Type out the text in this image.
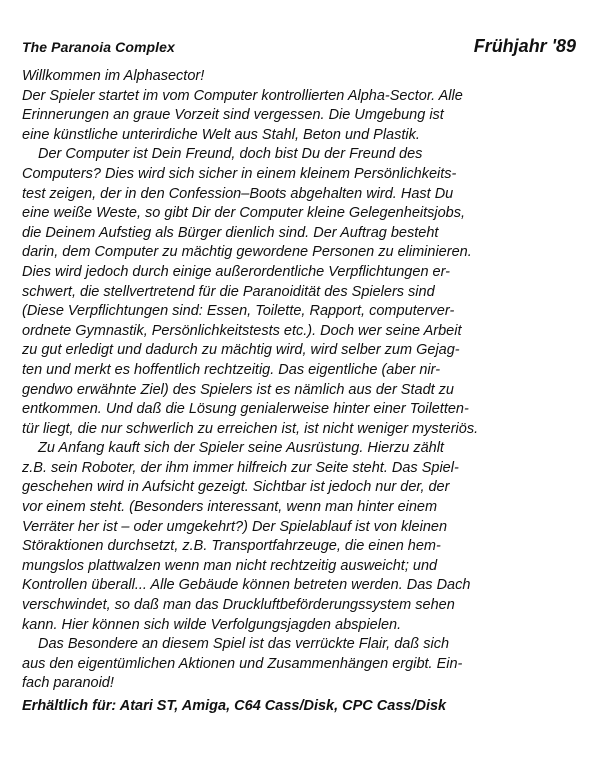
The Paranoia Complex	Frühjahr '89
Willkommen im Alphasector!
Der Spieler startet im vom Computer kontrollierten Alpha-Sector. Alle
Erinnerungen an graue Vorzeit sind vergessen. Die Umgebung ist
eine künstliche unterirdiche Welt aus Stahl, Beton und Plastik.
Der Computer ist Dein Freund, doch bist Du der Freund des
Computers? Dies wird sich sicher in einem kleinem Persönlichkeits-
test zeigen, der in den Confession–Boots abgehalten wird. Hast Du
eine weiße Weste, so gibt Dir der Computer kleine Gelegenheitsjobs,
die Deinem Aufstieg als Bürger dienlich sind. Der Auftrag besteht
darin, dem Computer zu mächtig gewordene Personen zu eliminieren.
Dies wird jedoch durch einige außerordentliche Verpflichtungen er-
schwert, die stellvertretend für die Paranoidität des Spielers sind
(Diese Verpflichtungen sind: Essen, Toilette, Rapport, computerver-
ordnete Gymnastik, Persönlichkeitstests etc.). Doch wer seine Arbeit
zu gut erledigt und dadurch zu mächtig wird, wird selber zum Gejag-
ten und merkt es hoffentlich rechtzeitig. Das eigentliche (aber nir-
gendwo erwähnte Ziel) des Spielers ist es nämlich aus der Stadt zu
entkommen. Und daß die Lösung genialerweise hinter einer Toiletten-
tür liegt, die nur schwerlich zu erreichen ist, ist nicht weniger mysteriös.
Zu Anfang kauft sich der Spieler seine Ausrüstung. Hierzu zählt
z.B. sein Roboter, der ihm immer hilfreich zur Seite steht. Das Spiel-
geschehen wird in Aufsicht gezeigt. Sichtbar ist jedoch nur der, der
vor einem steht. (Besonders interessant, wenn man hinter einem
Verräter her ist – oder umgekehrt?) Der Spielablauf ist von kleinen
Störaktionen durchsetzt, z.B. Transportfahrzeuge, die einen hem-
mungslos plattwalzen wenn man nicht rechtzeitig ausweicht; und
Kontrollen überall... Alle Gebäude können betreten werden. Das Dach
verschwindet, so daß man das Druckluftbeförderungssystem sehen
kann. Hier können sich wilde Verfolgungsjagden abspielen.
Das Besondere an diesem Spiel ist das verrückte Flair, daß sich
aus den eigentümlichen Aktionen und Zusammenhängen ergibt. Ein-
fach paranoid!
Erhältlich für: Atari ST, Amiga, C64 Cass/Disk, CPC Cass/Disk
